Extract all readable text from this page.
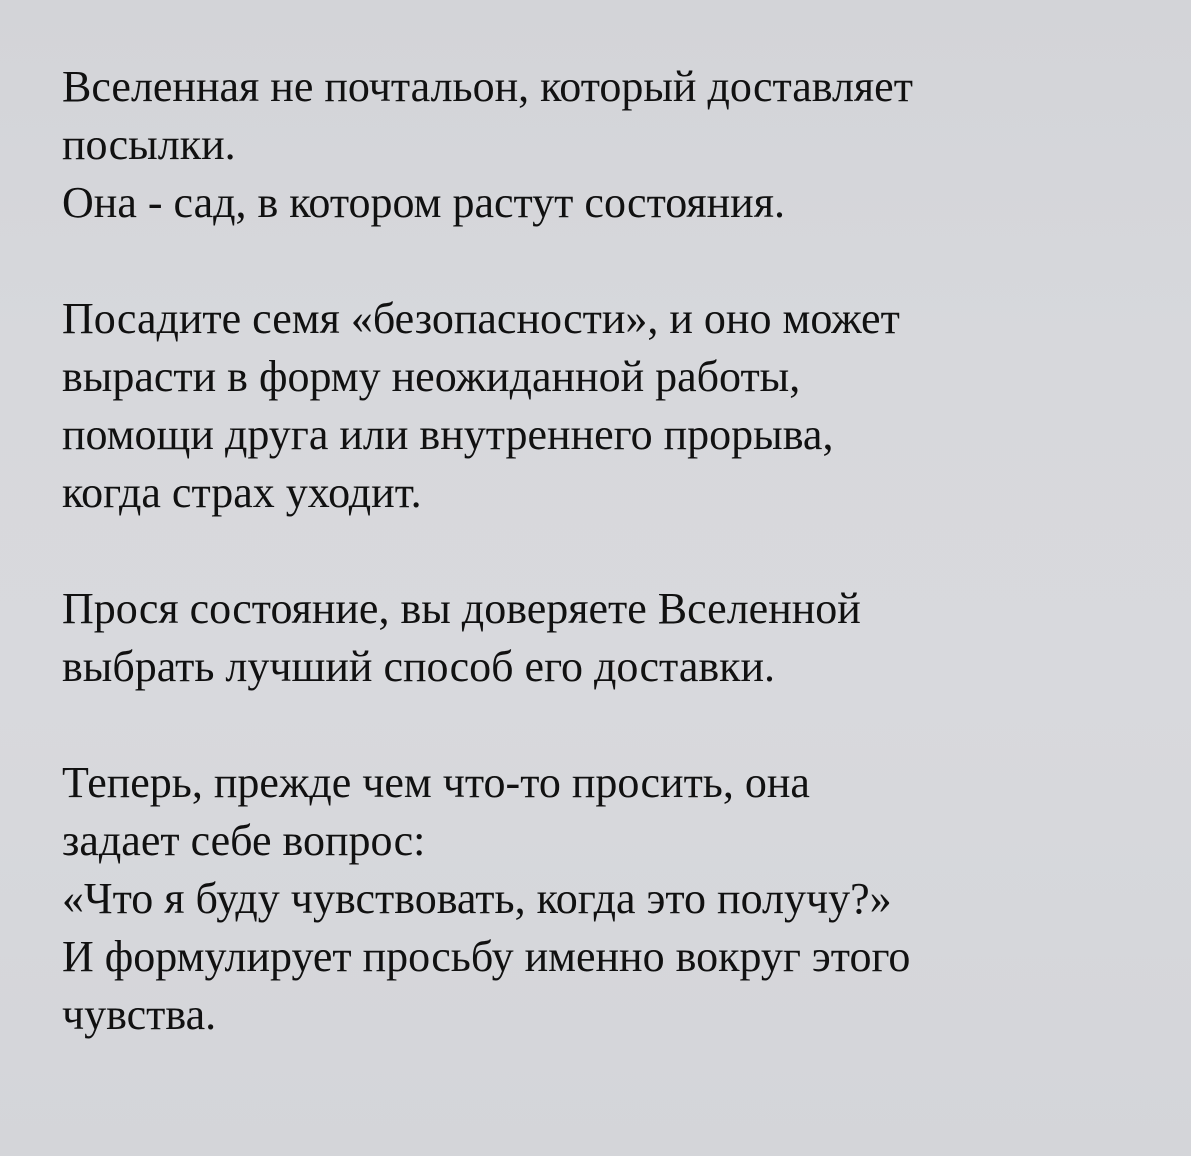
Вселенная не почтальон, который доставляет
посылки.
Она - сад, в котором растут состояния.

Посадите семя «безопасности», и оно может
вырасти в форму неожиданной работы,
помощи друга или внутреннего прорыва,
когда страх уходит.

Прося состояние, вы доверяете Вселенной
выбрать лучший способ его доставки.

Теперь, прежде чем что-то просить, она
задает себе вопрос:
«Что я буду чувствовать, когда это получу?»
И формулирует просьбу именно вокруг этого
чувства.
